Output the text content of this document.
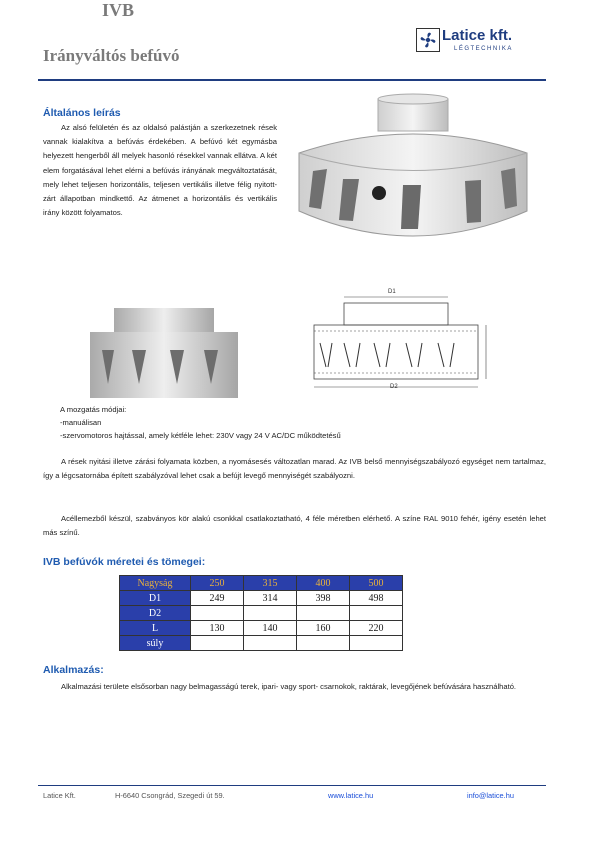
IVB
Irányváltós befúvó
Latice kft.
LÉGTECHNIKA
Általános leírás
Az alsó felületén és az oldalsó palástján a szerkezetnek rések vannak kialakítva a befúvás érdekében. A befúvó két egymásba helyezett hengerből áll melyek hasonló résekkel vannak ellátva. A két elem forgatásával lehet elérni a befúvás irányának megváltoztatását, mely lehet teljesen horizontális, teljesen vertikális illetve félig nyitott-zárt állapotban mindkettő. Az átmenet a horizontális és vertikális irány között folyamatos.
D1
D2
A mozgatás módjai:
-manuálisan
-szervomotoros hajtással, amely kétféle lehet: 230V vagy 24 V AC/DC működtetésű
A rések nyitási illetve zárási folyamata közben, a nyomásesés változatlan marad. Az IVB belső mennyiségszabályozó egységet nem tartalmaz, így a légcsatornába épített szabályzóval lehet csak a befújt levegő mennyiségét szabályozni.
Acéllemezből készül, szabványos kör alakú csonkkal csatlakoztatható, 4 féle méretben elérhető. A színe RAL 9010 fehér, igény esetén lehet más színű.
IVB befúvók méretei és tömegei:
Nagyság	250	315	400	500
D1	249	314	398	498
D2				
L	130	140	160	220
súly				
Alkalmazás:
Alkalmazási területe elsősorban nagy belmagasságú terek, ipari- vagy sport- csarnokok, raktárak, levegőjének befúvására használható.
Latice Kft.	H-6640 Csongrád, Szegedi út 59.	www.latice.hu	info@latice.hu
